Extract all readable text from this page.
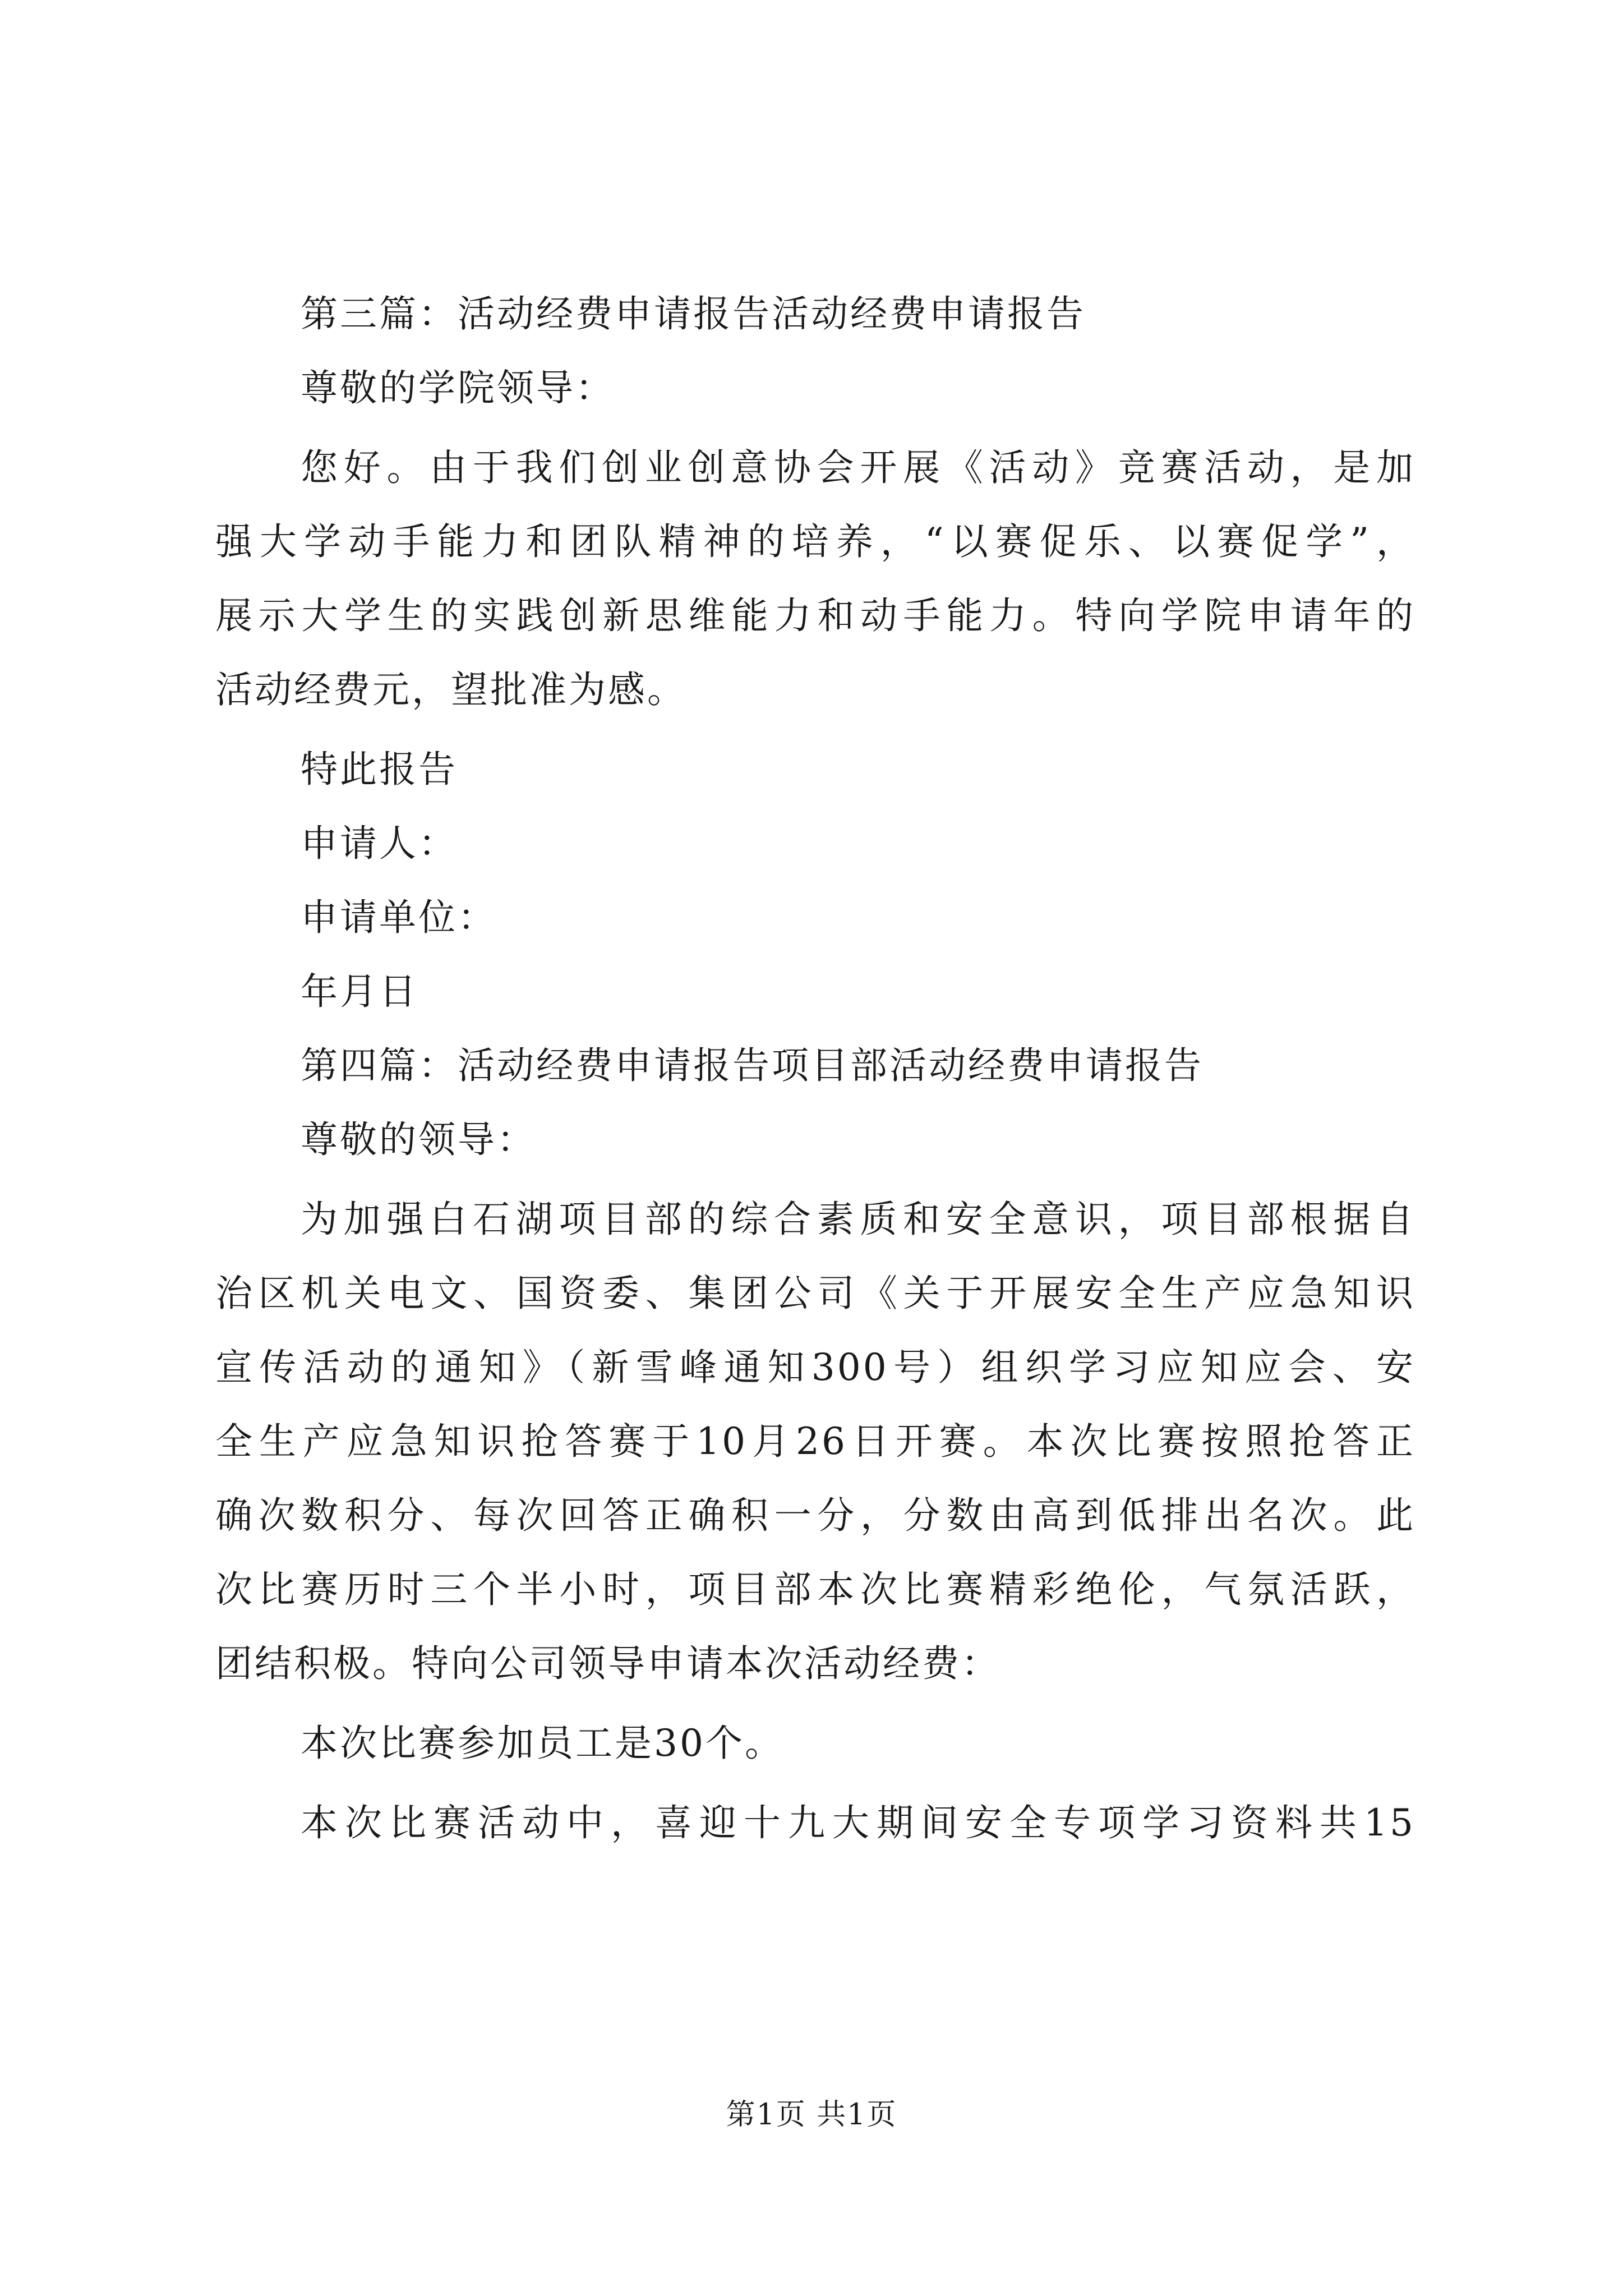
第三篇：活动经费申请报告活动经费申请报告

尊敬的学院领导：

您好。由于我们创业创意协会开展《活动》竞赛活动，是加

强大学动手能力和团队精神的培养，“以赛促乐、以赛促学”，

展示大学生的实践创新思维能力和动手能力。特向学院申请年的

活动经费元，望批准为感。

特此报告

申请人：

申请单位：

年月日

第四篇：活动经费申请报告项目部活动经费申请报告

尊敬的领导：

为加强白石湖项目部的综合素质和安全意识，项目部根据自

治区机关电文、国资委、集团公司《关于开展安全生产应急知识

宣传活动的通知》（新雪峰通知300号）组织学习应知应会、安

全生产应急知识抢答赛于10月26日开赛。本次比赛按照抢答正

确次数积分、每次回答正确积一分，分数由高到低排出名次。此

次比赛历时三个半小时，项目部本次比赛精彩绝伦，气氛活跃，

团结积极。特向公司领导申请本次活动经费：

本次比赛参加员工是30个。

本次比赛活动中，喜迎十九大期间安全专项学习资料共15

第1页 共1页
